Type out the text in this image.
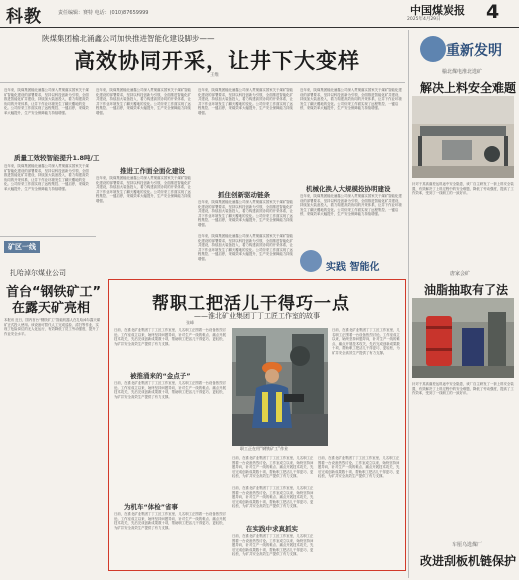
科教	责任编辑：赛特 电话：(010)87659999	中国煤炭报
2025年4月29日 4
陕煤集团榆北涌鑫公司加快推进智能化建设脚步——
高效协同开采，让井下大变样
王维
近年来，陕煤集团榆北涌鑫公司深入贯彻落实国家关于煤矿智能化建设的部署要求，坚持以科技创新为引领，全面推进智能化矿井建设，持续加大装备投入，着力构建高效协同的开采体系，让井下作业环境发生了翻天覆地的变化。公司综采工作面实现了远程集控、一键启停，采煤效率大幅提升，生产安全保障能力持续增强。
质量工效较智能提升1.8吨/工
近年来，陕煤集团榆北涌鑫公司深入贯彻落实国家关于煤矿智能化建设的部署要求，坚持以科技创新为引领，全面推进智能化矿井建设，持续加大装备投入，着力构建高效协同的开采体系，让井下作业环境发生了翻天覆地的变化。公司综采工作面实现了远程集控、一键启停，采煤效率大幅提升，生产安全保障能力持续增强。
近年来，陕煤集团榆北涌鑫公司深入贯彻落实国家关于煤矿智能化建设的部署要求，坚持以科技创新为引领，全面推进智能化矿井建设，持续加大装备投入，着力构建高效协同的开采体系，让井下作业环境发生了翻天覆地的变化。公司综采工作面实现了远程集控、一键启停，采煤效率大幅提升，生产安全保障能力持续增强。
推进工作面全面化建设
近年来，陕煤集团榆北涌鑫公司深入贯彻落实国家关于煤矿智能化建设的部署要求，坚持以科技创新为引领，全面推进智能化矿井建设，持续加大装备投入，着力构建高效协同的开采体系，让井下作业环境发生了翻天覆地的变化。公司综采工作面实现了远程集控、一键启停，采煤效率大幅提升，生产安全保障能力持续增强。
近年来，陕煤集团榆北涌鑫公司深入贯彻落实国家关于煤矿智能化建设的部署要求，坚持以科技创新为引领，全面推进智能化矿井建设，持续加大装备投入，着力构建高效协同的开采体系，让井下作业环境发生了翻天覆地的变化。公司综采工作面实现了远程集控、一键启停，采煤效率大幅提升，生产安全保障能力持续增强。
抓住创新驱动链条
近年来，陕煤集团榆北涌鑫公司深入贯彻落实国家关于煤矿智能化建设的部署要求，坚持以科技创新为引领，全面推进智能化矿井建设，持续加大装备投入，着力构建高效协同的开采体系，让井下作业环境发生了翻天覆地的变化。公司综采工作面实现了远程集控、一键启停，采煤效率大幅提升，生产安全保障能力持续增强。
近年来，陕煤集团榆北涌鑫公司深入贯彻落实国家关于煤矿智能化建设的部署要求，坚持以科技创新为引领，全面推进智能化矿井建设，持续加大装备投入，着力构建高效协同的开采体系，让井下作业环境发生了翻天覆地的变化。公司综采工作面实现了远程集控、一键启停，采煤效率大幅提升，生产安全保障能力持续增强。
机械化换人大规模投协明建设
近年来，陕煤集团榆北涌鑫公司深入贯彻落实国家关于煤矿智能化建设的部署要求，坚持以科技创新为引领，全面推进智能化矿井建设，持续加大装备投入，着力构建高效协同的开采体系，让井下作业环境发生了翻天覆地的变化。公司综采工作面实现了远程集控、一键启停，采煤效率大幅提升，生产安全保障能力持续增强。
近年来，陕煤集团榆北涌鑫公司深入贯彻落实国家关于煤矿智能化建设的部署要求，坚持以科技创新为引领，全面推进智能化矿井建设，持续加大装备投入，着力构建高效协同的开采体系，让井下作业环境发生了翻天覆地的变化。公司综采工作面实现了远程集控、一键启停，采煤效率大幅提升，生产安全保障能力持续增强。
实践 智能化
矿区一线
扎哈淖尔煤业公司
首台“钢铁矿工”
在露天矿亮相
本报讯 近日，国内首台“钢铁矿工”智能机器人在扎哈淖尔露天煤矿正式投入使用。该设备可替代人工完成巡检、清扫等作业，实现了危险岗位的无人化运行，有效降低了员工劳动强度，提升了作业安全水平。
帮职工把活儿干得巧一点
——淮北矿业集团丁丁工匠工作室的故事
张峰
日前，在淮北矿业集团丁丁工匠工作室里，几名职工正围着一台设备热烈讨论。工作室成立以来，始终坚持问题导向，针对生产一线的难点、痛点开展技术攻关，先后完成创新成果数十项，帮助职工把活儿干得更巧、更轻松，为矿井安全高效生产提供了有力支撑。
被推涌来的“金点子”
日前，在淮北矿业集团丁丁工匠工作室里，几名职工正围着一台设备热烈讨论。工作室成立以来，始终坚持问题导向，针对生产一线的难点、痛点开展技术攻关，先后完成创新成果数十项，帮助职工把活儿干得更巧、更轻松，为矿井安全高效生产提供了有力支撑。
为机车“体检”省事
日前，在淮北矿业集团丁丁工匠工作室里，几名职工正围着一台设备热烈讨论。工作室成立以来，始终坚持问题导向，针对生产一线的难点、痛点开展技术攻关，先后完成创新成果数十项，帮助职工把活儿干得更巧、更轻松，为矿井安全高效生产提供了有力支撑。
职工正在用“钢铁矿工”作业
日前，在淮北矿业集团丁丁工匠工作室里，几名职工正围着一台设备热烈讨论。工作室成立以来，始终坚持问题导向，针对生产一线的难点、痛点开展技术攻关，先后完成创新成果数十项，帮助职工把活儿干得更巧、更轻松，为矿井安全高效生产提供了有力支撑。
日前，在淮北矿业集团丁丁工匠工作室里，几名职工正围着一台设备热烈讨论。工作室成立以来，始终坚持问题导向，针对生产一线的难点、痛点开展技术攻关，先后完成创新成果数十项，帮助职工把活儿干得更巧、更轻松，为矿井安全高效生产提供了有力支撑。
日前，在淮北矿业集团丁丁工匠工作室里，几名职工正围着一台设备热烈讨论。工作室成立以来，始终坚持问题导向，针对生产一线的难点、痛点开展技术攻关，先后完成创新成果数十项，帮助职工把活儿干得更巧、更轻松，为矿井安全高效生产提供了有力支撑。
在实践中求真抓实
日前，在淮北矿业集团丁丁工匠工作室里，几名职工正围着一台设备热烈讨论。工作室成立以来，始终坚持问题导向，针对生产一线的难点、痛点开展技术攻关，先后完成创新成果数十项，帮助职工把活儿干得更巧、更轻松，为矿井安全高效生产提供了有力支撑。
日前，在淮北矿业集团丁丁工匠工作室里，几名职工正围着一台设备热烈讨论。工作室成立以来，始终坚持问题导向，针对生产一线的难点、痛点开展技术攻关，先后完成创新成果数十项，帮助职工把活儿干得更巧、更轻松，为矿井安全高效生产提供了有力支撑。
重新发明
榆北煤电淮北选矿
解决上料安全难题
针对于其高落差运料途中安全隐患，该厂自主研发了一套上料安全装置，有效解决了上料过程中的安全难题，降低了劳动强度，提高了工作效率，受到了一线职工的一致好评。
唐家会矿
油脂抽取有了法
针对于其高落差运料途中安全隐患，该厂自主研发了一套上料安全装置，有效解决了上料过程中的安全难题，降低了劳动强度，提高了工作效率，受到了一线职工的一致好评。
车厘乌选煤厂
改进刮板机链保护
